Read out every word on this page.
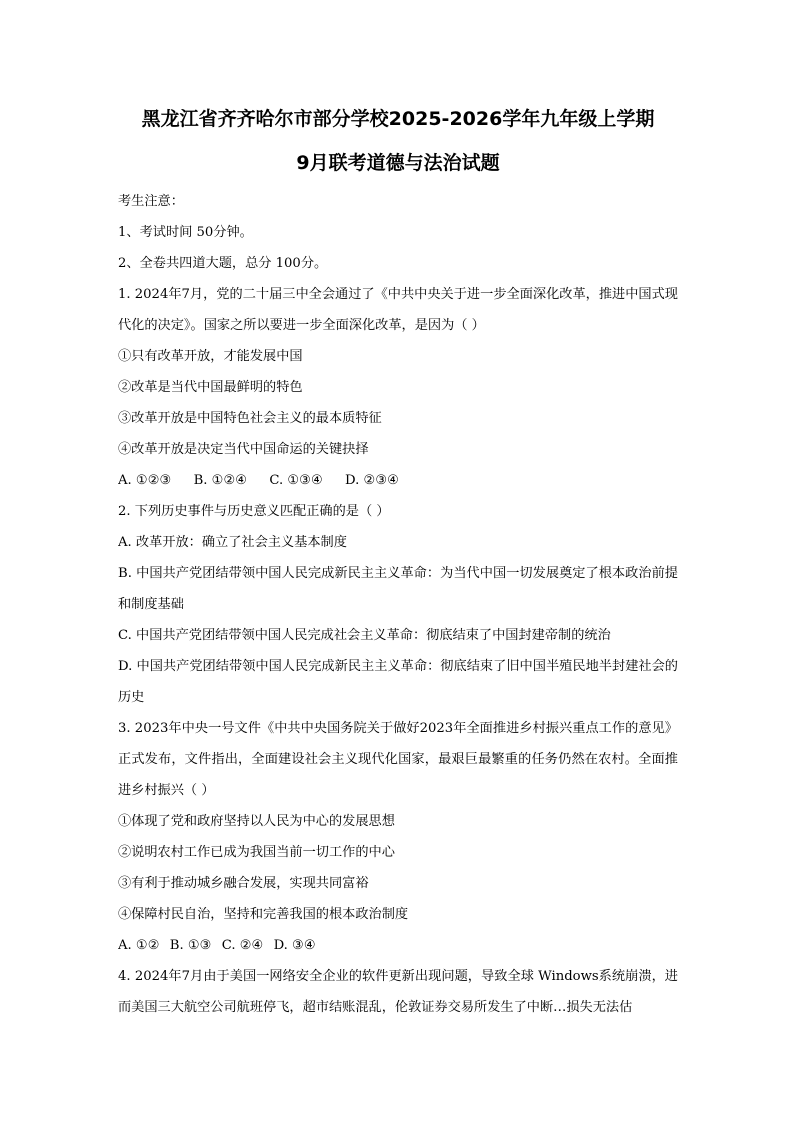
黑龙江省齐齐哈尔市部分学校2025-2026学年九年级上学期
9月联考道德与法治试题
考生注意：
1、考试时间 50分钟。
2、全卷共四道大题，总分 100分。
1. 2024年7月，党的二十届三中全会通过了《中共中央关于进一步全面深化改革，推进中国式现代化的决定》。国家之所以要进一步全面深化改革，是因为（ ）
①只有改革开放，才能发展中国
②改革是当代中国最鲜明的特色
③改革开放是中国特色社会主义的最本质特征
④改革开放是决定当代中国命运的关键抉择
A. ①②③ B. ①②④ C. ①③④ D. ②③④
2. 下列历史事件与历史意义匹配正确的是（ ）
A. 改革开放：确立了社会主义基本制度
B. 中国共产党团结带领中国人民完成新民主主义革命：为当代中国一切发展奠定了根本政治前提和制度基础
C. 中国共产党团结带领中国人民完成社会主义革命：彻底结束了中国封建帝制的统治
D. 中国共产党团结带领中国人民完成新民主主义革命：彻底结束了旧中国半殖民地半封建社会的历史
3. 2023年中央一号文件《中共中央国务院关于做好2023年全面推进乡村振兴重点工作的意见》正式发布，文件指出，全面建设社会主义现代化国家，最艰巨最繁重的任务仍然在农村。全面推进乡村振兴（ ）
①体现了党和政府坚持以人民为中心的发展思想
②说明农村工作已成为我国当前一切工作的中心
③有利于推动城乡融合发展，实现共同富裕
④保障村民自治，坚持和完善我国的根本政治制度
A. ①② B. ①③ C. ②④ D. ③④
4. 2024年7月由于美国一网络安全企业的软件更新出现问题，导致全球 Windows系统崩溃，进而美国三大航空公司航班停飞，超市结账混乱，伦敦证券交易所发生了中断…损失无法估
